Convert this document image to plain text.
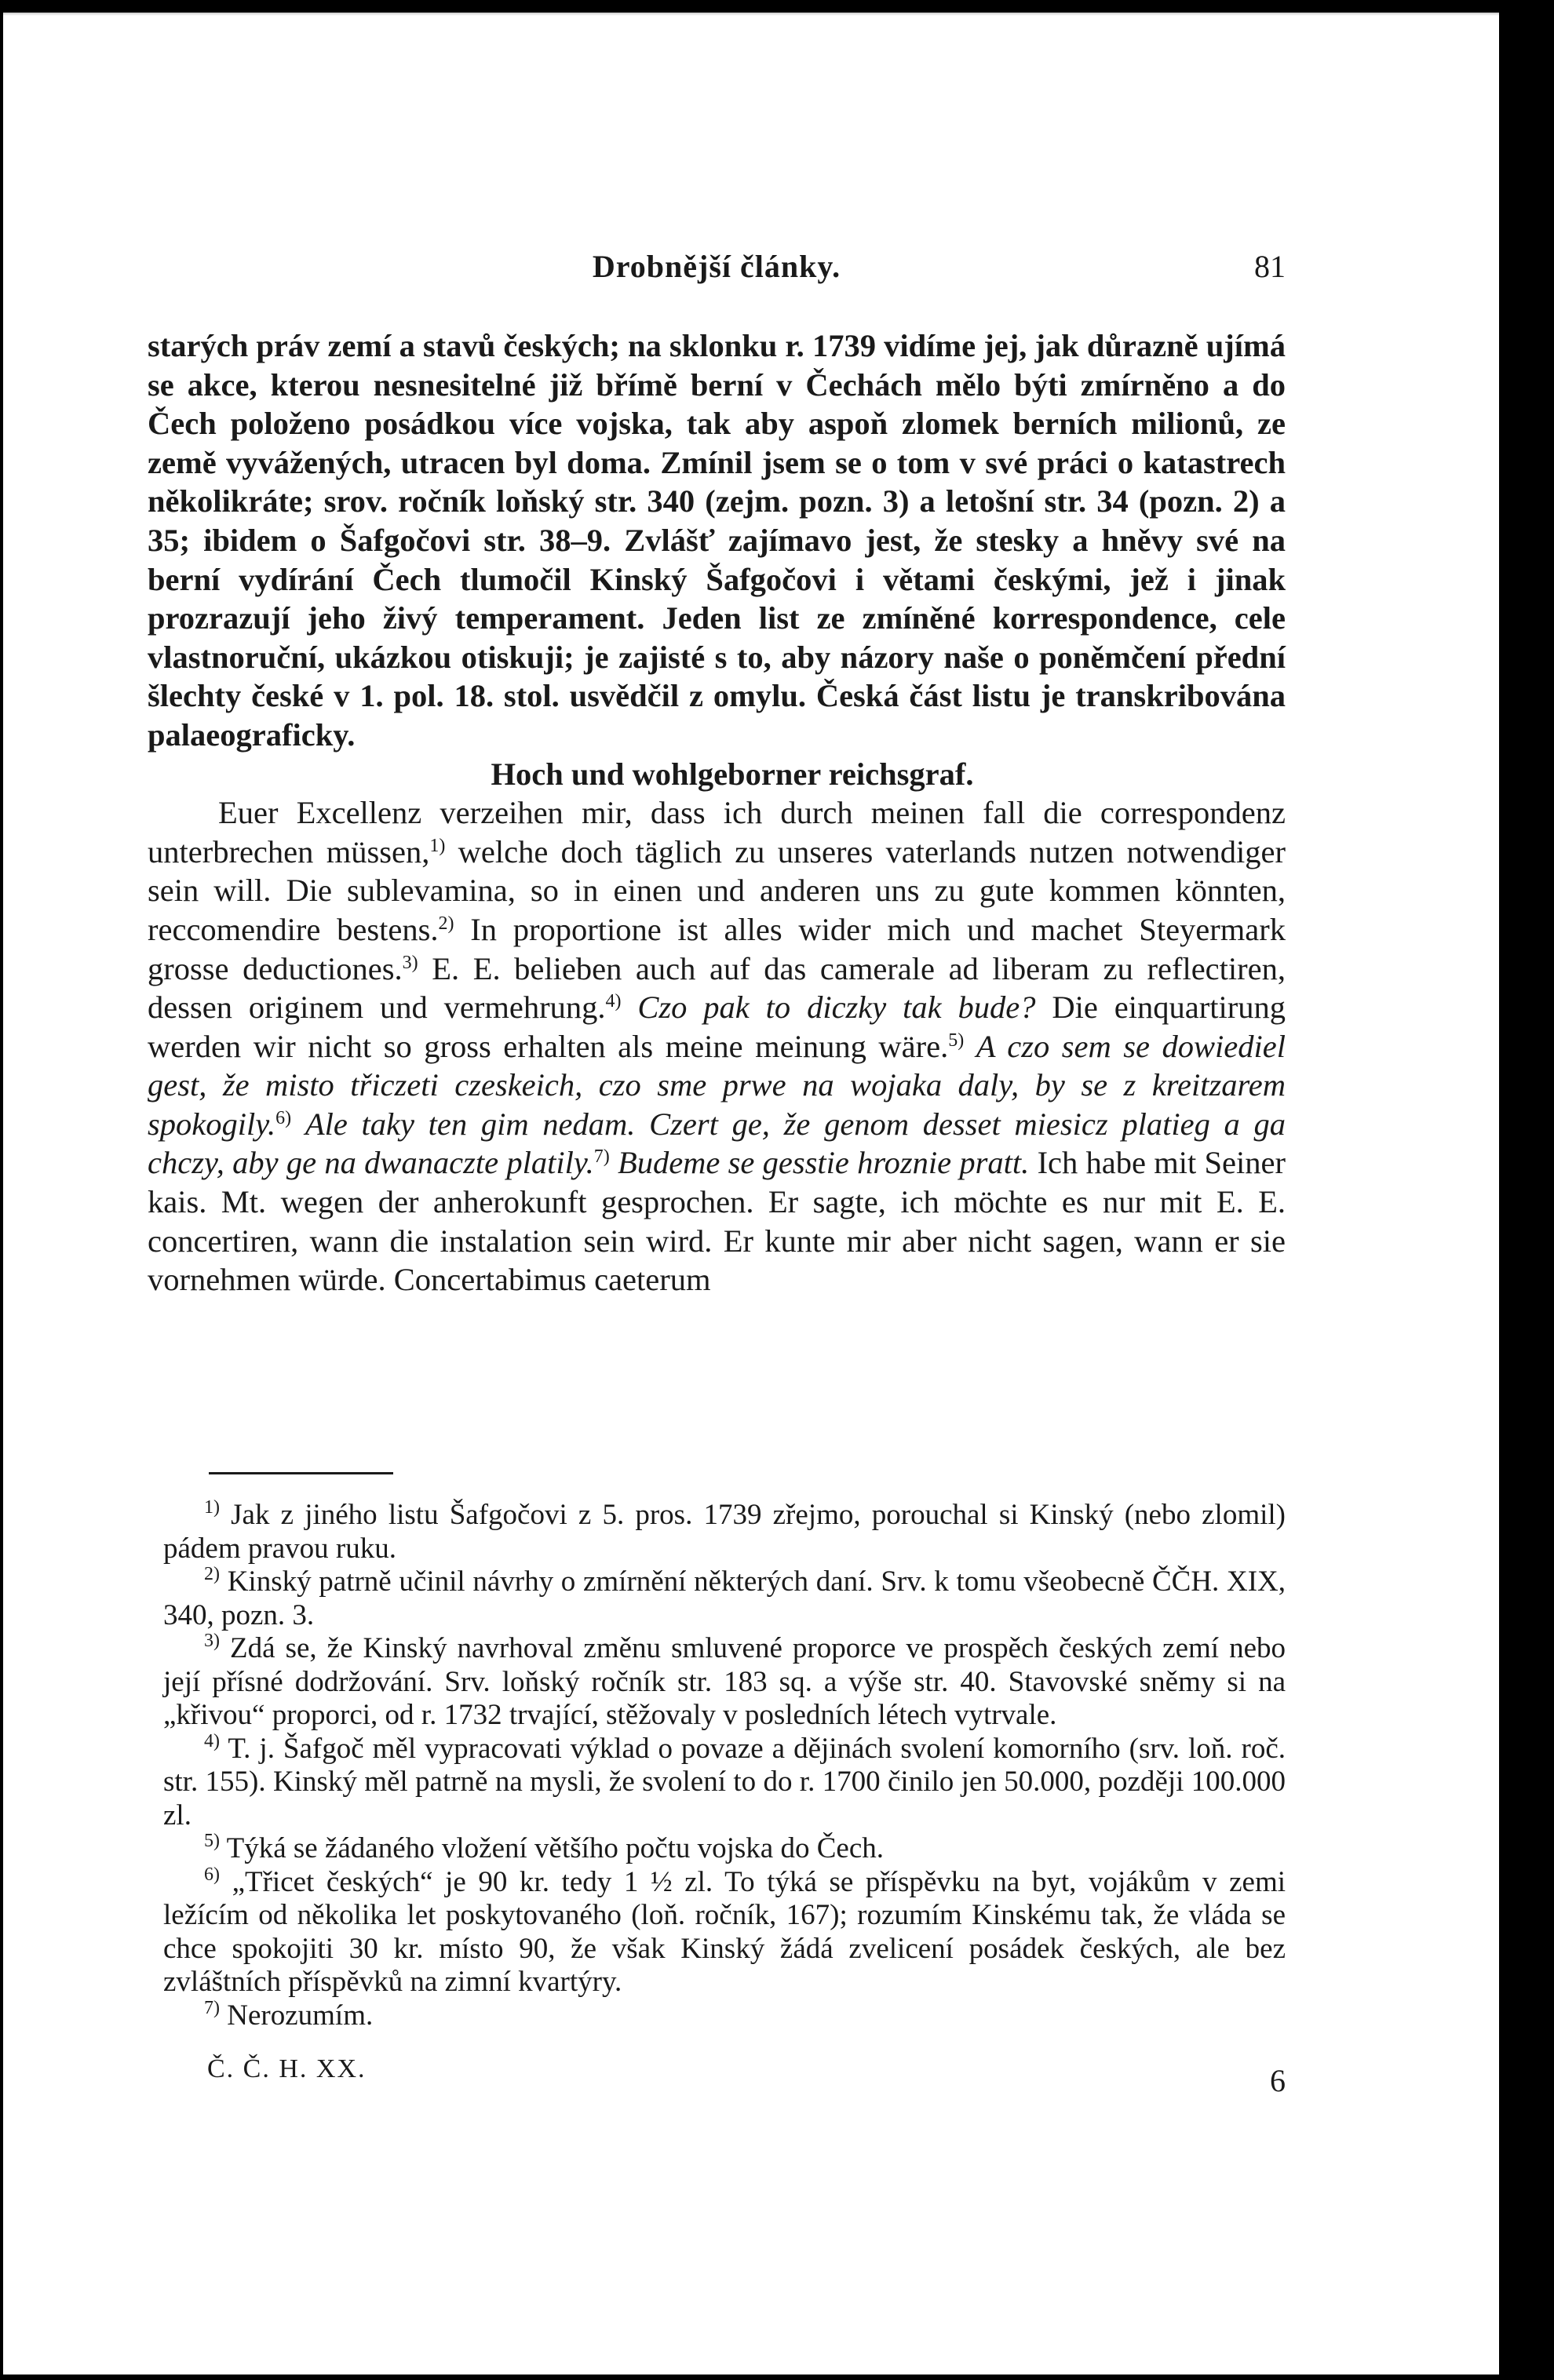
Drobnější články.	81

starých práv zemí a stavů českých; na sklonku r. 1739 vidíme jej, jak důrazně ujímá se akce, kterou nesnesitelné již břímě berní v Čechách mělo býti zmírněno a do Čech položeno posádkou více vojska, tak aby aspoň zlomek berních milionů, ze země vyvážených, utracen byl doma. Zmínil jsem se o tom v své práci o katastrech několikráte; srov. ročník loňský str. 340 (zejm. pozn. 3) a letošní str. 34 (pozn. 2) a 35; ibidem o Šafgočovi str. 38–9. Zvlášť zajímavo jest, že stesky a hněvy své na berní vydírání Čech tlumočil Kinský Šafgočovi i větami českými, jež i jinak prozrazují jeho živý temperament. Jeden list ze zmíněné korrespondence, cele vlastnoruční, ukázkou otiskuji; je zajisté s to, aby názory naše o poněmčení přední šlechty české v 1. pol. 18. stol. usvědčil z omylu. Česká část listu je transkribována palaeograficky.

Hoch und wohlgeborner reichsgraf.

Euer Excellenz verzeihen mir, dass ich durch meinen fall die correspondenz unterbrechen müssen,$^{1)}$ welche doch täglich zu unseres vaterlands nutzen notwendiger sein will. Die sublevamina, so in einen und anderen uns zu gute kommen könnten, reccomendire bestens.$^{2)}$ In proportione ist alles wider mich und machet Steyermark grosse deductiones.$^{3)}$ E. E. belieben auch auf das camerale ad liberam zu reflectiren, dessen originem und vermehrung.$^{4)}$ Czo pak to diczky tak bude? Die einquartirung werden wir nicht so gross erhalten als meine meinung wäre.$^{5)}$ A czo sem se dowiediel gest, že misto třiczeti czeskeich, czo sme prwe na wojaka daly, by se z kreitzarem spokogily.$^{6)}$ Ale taky ten gim nedam. Czert ge, že genom desset miesicz platieg a ga chczy, aby ge na dwanaczte platily.$^{7)}$ Budeme se gesstie hroznie pratt. Ich habe mit Seiner kais. Mt. wegen der anherokunft gesprochen. Er sagte, ich möchte es nur mit E. E. concertiren, wann die instalation sein wird. Er kunte mir aber nicht sagen, wann er sie vornehmen würde. Concertabimus caeterum

$^{1)}$ Jak z jiného listu Šafgočovi z 5. pros. 1739 zřejmo, porouchal si Kinský (nebo zlomil) pádem pravou ruku.

$^{2)}$ Kinský patrně učinil návrhy o zmírnění některých daní. Srv. k tomu všeobecně ČČH. XIX, 340, pozn. 3.

$^{3)}$ Zdá se, že Kinský navrhoval změnu smluvené proporce ve prospěch českých zemí nebo její přísné dodržování. Srv. loňský ročník str. 183 sq. a výše str. 40. Stavovské sněmy si na „křivou“ proporci, od r. 1732 trvající, stěžovaly v posledních létech vytrvale.

$^{4)}$ T. j. Šafgoč měl vypracovati výklad o povaze a dějinách svolení komorního (srv. loň. roč. str. 155). Kinský měl patrně na mysli, že svolení to do r. 1700 činilo jen 50.000, později 100.000 zl.

$^{5)}$ Týká se žádaného vložení většího počtu vojska do Čech.

$^{6)}$ „Třicet českých“ je 90 kr. tedy 1 ½ zl. To týká se příspěvku na byt, vojákům v zemi ležícím od několika let poskytovaného (loň. ročník, 167); rozumím Kinskému tak, že vláda se chce spokojiti 30 kr. místo 90, že však Kinský žádá zvelicení posádek českých, ale bez zvláštních příspěvků na zimní kvartýry.

$^{7)}$ Nerozumím.

Č. Č. H. XX.	6
